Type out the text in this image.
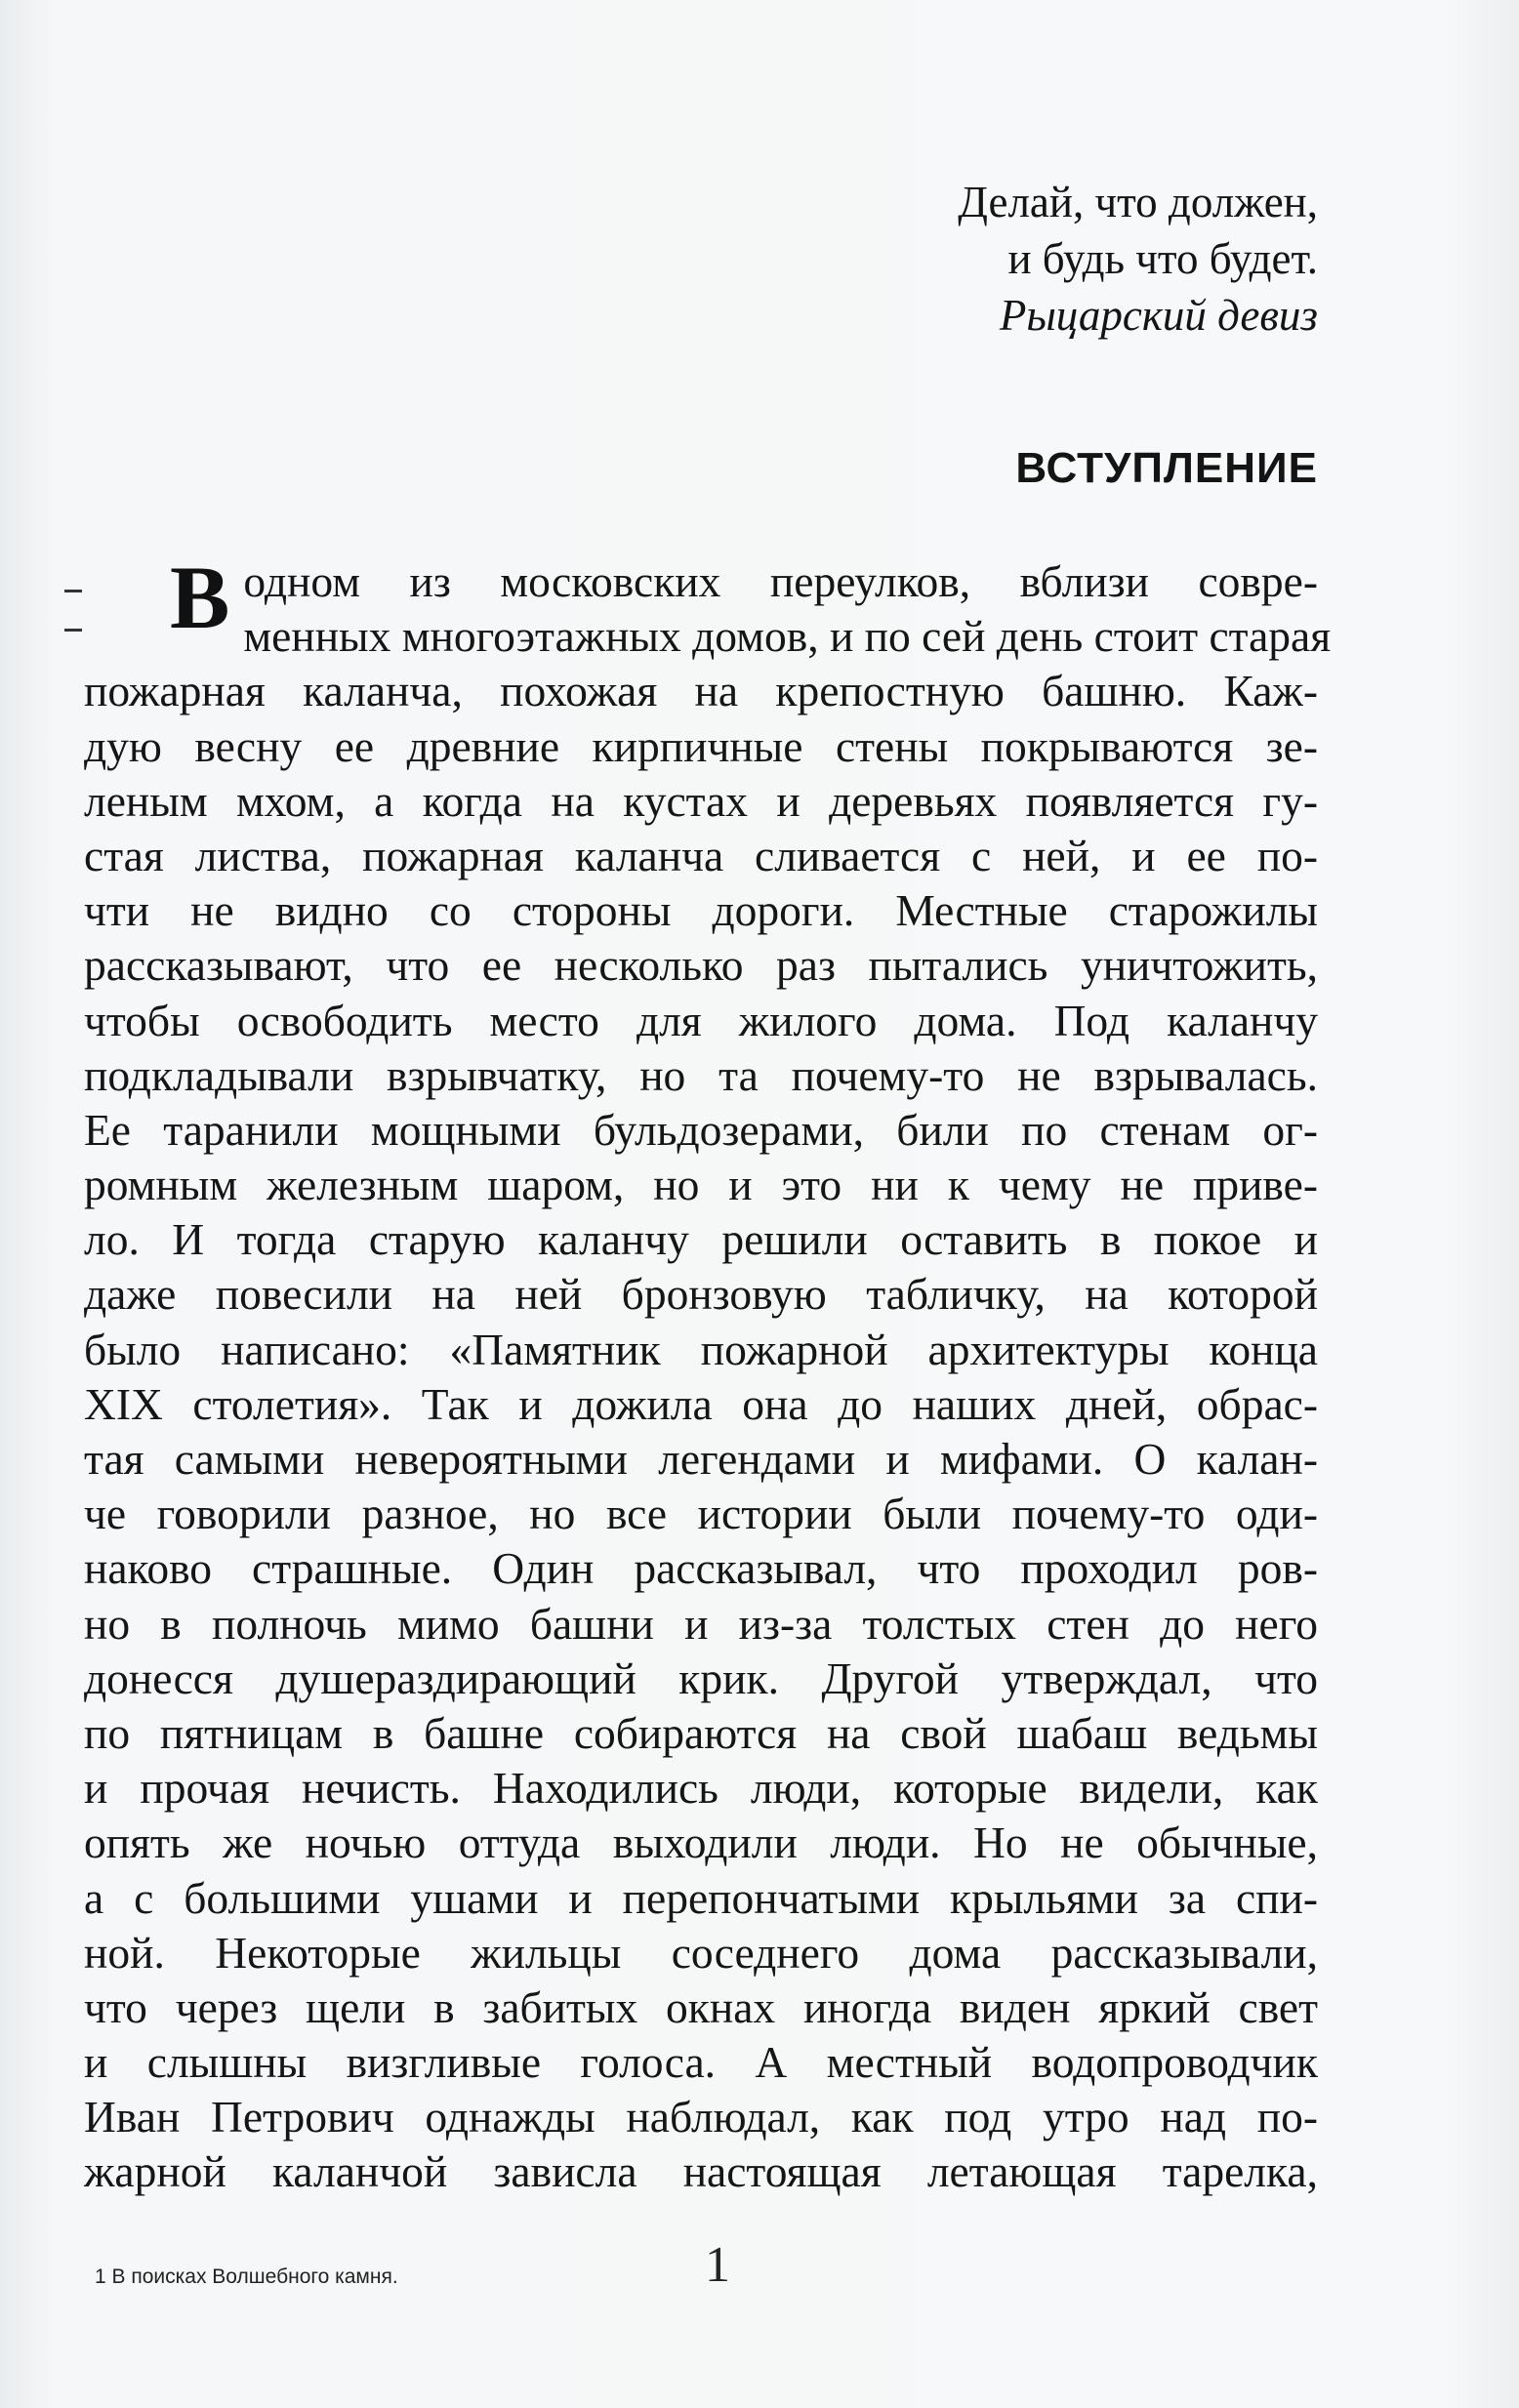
Делай, что должен,
и будь что будет.
Рыцарский девиз
ВСТУПЛЕНИЕ
В одном из московских переулков, вблизи совре-
менных многоэтажных домов, и по сей день стоит старая
пожарная каланча, похожая на крепостную башню. Каж-
дую весну ее древние кирпичные стены покрываются зе-
леным мхом, а когда на кустах и деревьях появляется гу-
стая листва, пожарная каланча сливается с ней, и ее по-
чти не видно со стороны дороги. Местные старожилы
рассказывают, что ее несколько раз пытались уничтожить,
чтобы освободить место для жилого дома. Под каланчу
подкладывали взрывчатку, но та почему-то не взрывалась.
Ее таранили мощными бульдозерами, били по стенам ог-
ромным железным шаром, но и это ни к чему не приве-
ло. И тогда старую каланчу решили оставить в покое и
даже повесили на ней бронзовую табличку, на которой
было написано: «Памятник пожарной архитектуры конца
XIX столетия». Так и дожила она до наших дней, обрас-
тая самыми невероятными легендами и мифами. О калан-
че говорили разное, но все истории были почему-то оди-
наково страшные. Один рассказывал, что проходил ров-
но в полночь мимо башни и из-за толстых стен до него
донесся душераздирающий крик. Другой утверждал, что
по пятницам в башне собираются на свой шабаш ведьмы
и прочая нечисть. Находились люди, которые видели, как
опять же ночью оттуда выходили люди. Но не обычные,
а с большими ушами и перепончатыми крыльями за спи-
ной. Некоторые жильцы соседнего дома рассказывали,
что через щели в забитых окнах иногда виден яркий свет
и слышны визгливые голоса. А местный водопроводчик
Иван Петрович однажды наблюдал, как под утро над по-
жарной каланчой зависла настоящая летающая тарелка,
1 В поисках Волшебного камня.	1
